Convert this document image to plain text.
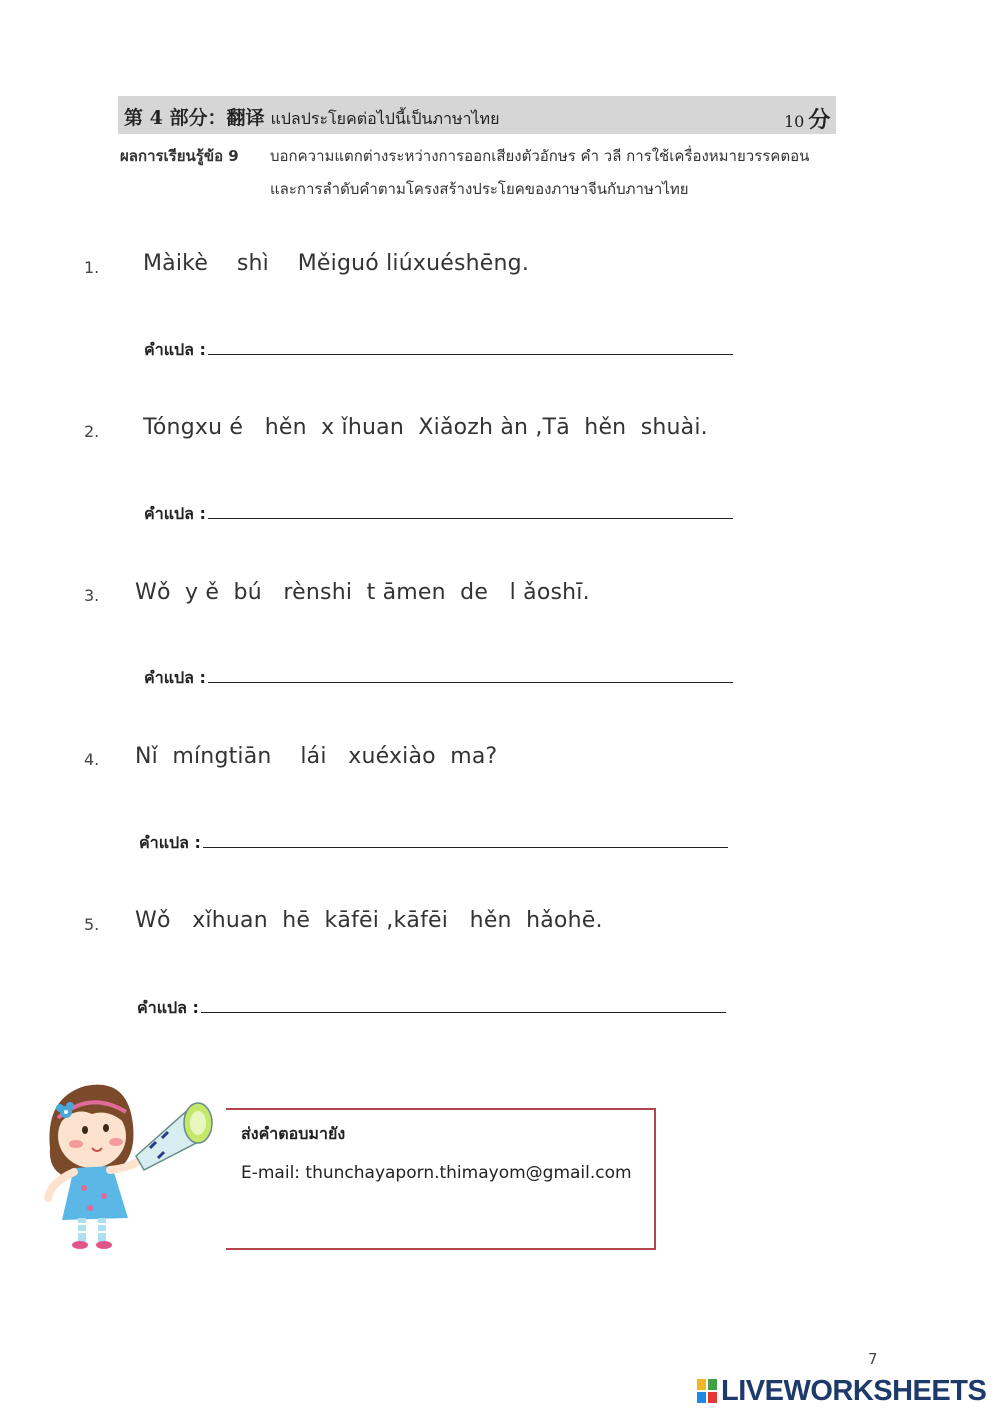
第 4 部分：翻译 แปลประโยคต่อไปนี้เป็นภาษาไทย	10 分
ผลการเรียนรู้ข้อ 9 บอกความแตกต่างระหว่างการออกเสียงตัวอักษร คำ วลี การใช้เครื่องหมายวรรคตอน
และการลำดับคำตามโครงสร้างประโยคของภาษาจีนกับภาษาไทย
1. Màikè    shì    Měiguó liúxuéshēng.
คำแปล :
2. Tóngxu é   hěn  x ǐhuan  Xiǎozh àn ,Tā  hěn  shuài.
คำแปล :
3. Wǒ  y ě  bú   rènshi  t āmen  de   l ǎoshī.
คำแปล :
4. Nǐ  míngtiān    lái   xuéxiào  ma?
คำแปล :
5. Wǒ   xǐhuan  hē  kāfēi ,kāfēi   hěn  hǎohē.
คำแปล :
ส่งคำตอบมายัง
E-mail: thunchayaporn.thimayom@gmail.com
7
LIVEWORKSHEETS
